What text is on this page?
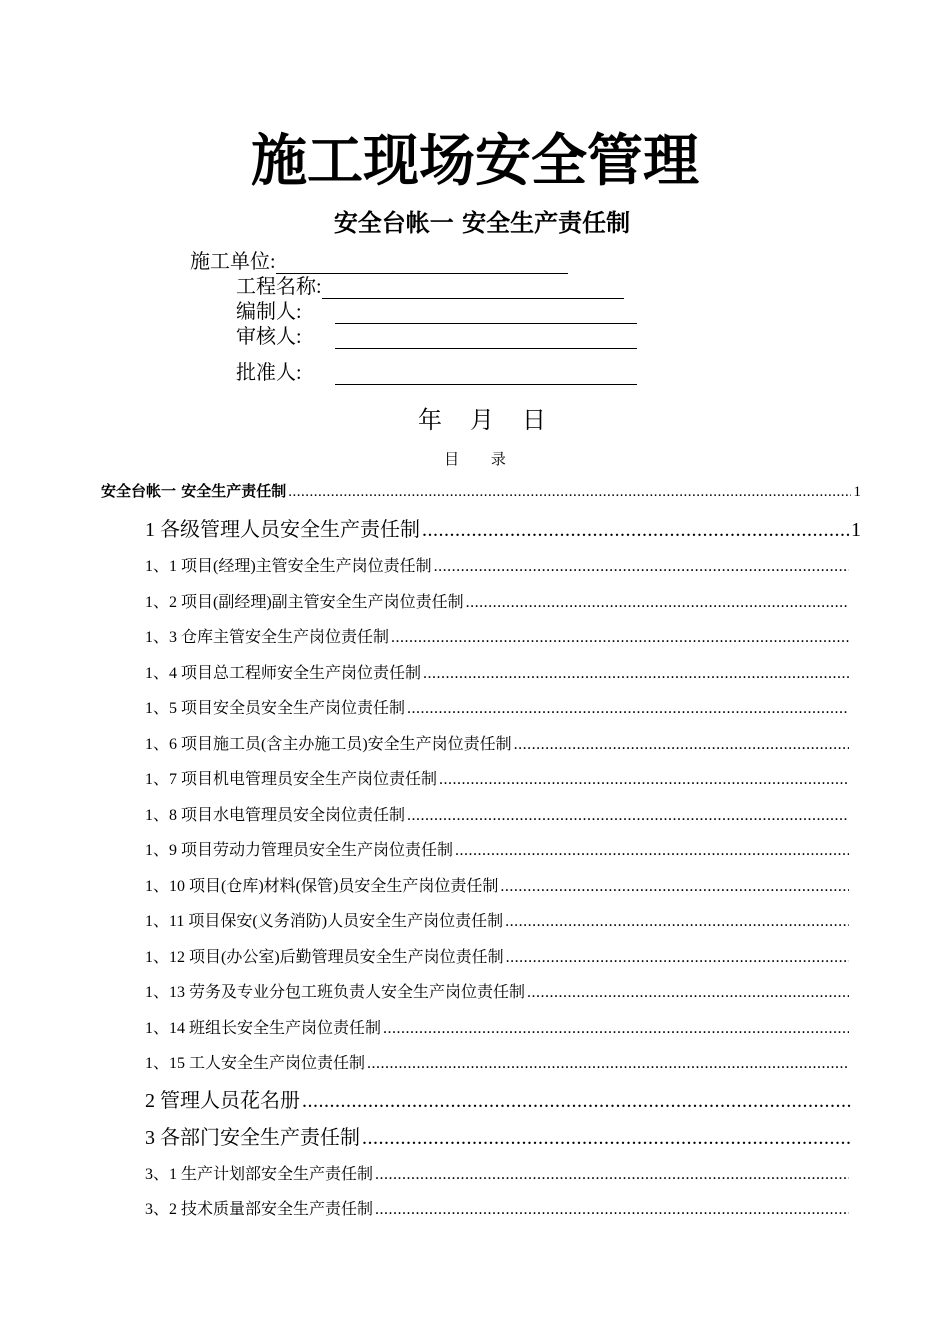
施工现场安全管理
安全台帐一 安全生产责任制
施工单位:
工程名称:
编制人:
审核人:
批准人:
年 月 日
目 录
安全台帐一 安全生产责任制 .....	1
1 各级管理人员安全生产责任制 .....	1
1、1 项目(经理)主管安全生产岗位责任制
.....
1、2 项目(副经理)副主管安全生产岗位责任制
.....
1、3 仓库主管安全生产岗位责任制
.....
1、4 项目总工程师安全生产岗位责任制
.....
1、5 项目安全员安全生产岗位责任制
.....
1、6 项目施工员(含主办施工员)安全生产岗位责任制
.....
1、7 项目机电管理员安全生产岗位责任制
.....
1、8 项目水电管理员安全岗位责任制
.....
1、9 项目劳动力管理员安全生产岗位责任制
.....
1、10 项目(仓库)材料(保管)员安全生产岗位责任制
.....
1、11 项目保安(义务消防)人员安全生产岗位责任制
.....
1、12 项目(办公室)后勤管理员安全生产岗位责任制
.....
1、13 劳务及专业分包工班负责人安全生产岗位责任制
.....
1、14 班组长安全生产岗位责任制
.....
1、15 工人安全生产岗位责任制
.....
2 管理人员花名册
.....
3 各部门安全生产责任制
.....
3、1 生产计划部安全生产责任制
.....
3、2 技术质量部安全生产责任制
.....
